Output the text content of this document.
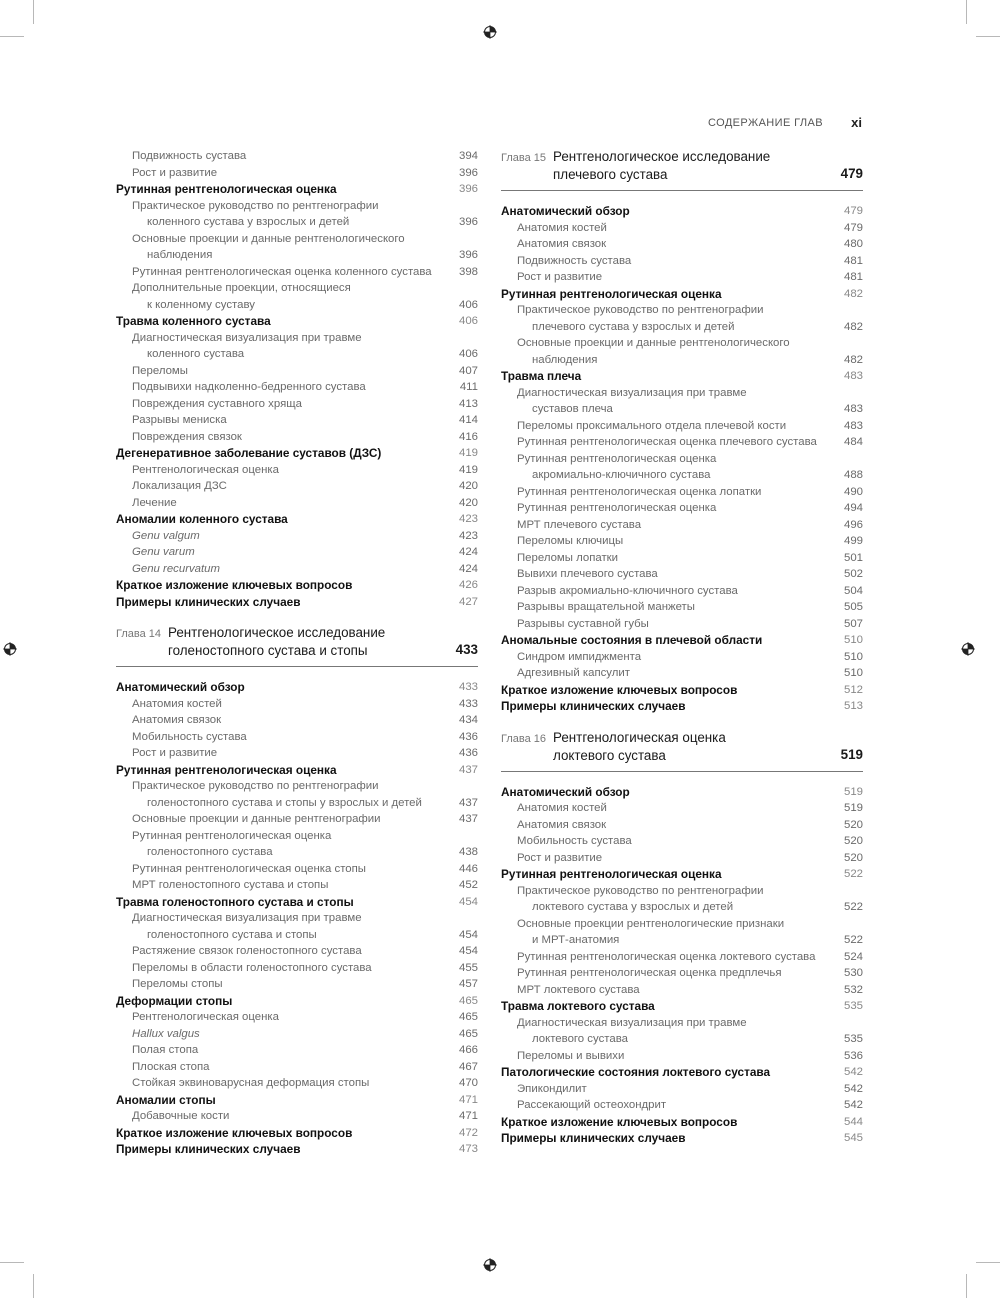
СОДЕРЖАНИЕ ГЛАВ xi
Подвижность сустава	394
Рост и развитие	396
Рутинная рентгенологическая оценка	396
Практическое руководство по рентгенографии
коленного сустава у взрослых и детей	396
Основные проекции и данные рентгенологического
наблюдения	396
Рутинная рентгенологическая оценка коленного сустава 398
Дополнительные проекции, относящиеся
к коленному суставу	406
Травма коленного сустава	406
Диагностическая визуализация при травме
коленного сустава	406
Переломы	407
Подвывихи надколенно-бедренного сустава	411
Повреждения суставного хряща	413
Разрывы мениска	414
Повреждения связок	416
Дегенеративное заболевание суставов (ДЗС)	419
Рентгенологическая оценка	419
Локализация ДЗС	420
Лечение	420
Аномалии коленного сустава	423
Genu valgum	423
Genu varum	424
Genu recurvatum	424
Краткое изложение ключевых вопросов	426
Примеры клинических случаев	427
Глава 14 Рентгенологическое исследование
голеностопного сустава и стопы	433
Анатомический обзор	433
Анатомия костей	433
Анатомия связок	434
Мобильность сустава	436
Рост и развитие	436
Рутинная рентгенологическая оценка	437
Практическое руководство по рентгенографии
голеностопного сустава и стопы у взрослых и детей	437
Основные проекции и данные рентгенографии	437
Рутинная рентгенологическая оценка
голеностопного сустава	438
Рутинная рентгенологическая оценка стопы	446
МРТ голеностопного сустава и стопы	452
Травма голеностопного сустава и стопы	454
Диагностическая визуализация при травме
голеностопного сустава и стопы	454
Растяжение связок голеностопного сустава	454
Переломы в области голеностопного сустава	455
Переломы стопы	457
Деформации стопы	465
Рентгенологическая оценка	465
Hallux valgus	465
Полая стопа	466
Плоская стопа	467
Стойкая эквиноварусная деформация стопы	470
Аномалии стопы	471
Добавочные кости	471
Краткое изложение ключевых вопросов	472
Примеры клинических случаев	473
Глава 15 Рентгенологическое исследование
плечевого сустава	479
Анатомический обзор	479
Анатомия костей	479
Анатомия связок	480
Подвижность сустава	481
Рост и развитие	481
Рутинная рентгенологическая оценка	482
Практическое руководство по рентгенографии
плечевого сустава у взрослых и детей	482
Основные проекции и данные рентгенологического
наблюдения	482
Травма плеча	483
Диагностическая визуализация при травме
суставов плеча	483
Переломы проксимального отдела плечевой кости	483
Рутинная рентгенологическая оценка плечевого сустава 484
Рутинная рентгенологическая оценка
акромиально-ключичного сустава	488
Рутинная рентгенологическая оценка лопатки	490
Рутинная рентгенологическая оценка	494
МРТ плечевого сустава	496
Переломы ключицы	499
Переломы лопатки	501
Вывихи плечевого сустава	502
Разрыв акромиально-ключичного сустава	504
Разрывы вращательной манжеты	505
Разрывы суставной губы	507
Аномальные состояния в плечевой области	510
Синдром импиджмента	510
Адгезивный капсулит	510
Краткое изложение ключевых вопросов	512
Примеры клинических случаев	513
Глава 16 Рентгенологическая оценка
локтевого сустава	519
Анатомический обзор	519
Анатомия костей	519
Анатомия связок	520
Мобильность сустава	520
Рост и развитие	520
Рутинная рентгенологическая оценка	522
Практическое руководство по рентгенографии
локтевого сустава у взрослых и детей	522
Основные проекции рентгенологические признаки
и МРТ-анатомия	522
Рутинная рентгенологическая оценка локтевого сустава	524
Рутинная рентгенологическая оценка предплечья	530
МРТ локтевого сустава	532
Травма локтевого сустава	535
Диагностическая визуализация при травме
локтевого сустава	535
Переломы и вывихи	536
Патологические состояния локтевого сустава	542
Эпикондилит	542
Рассекающий остеохондрит	542
Краткое изложение ключевых вопросов	544
Примеры клинических случаев	545
